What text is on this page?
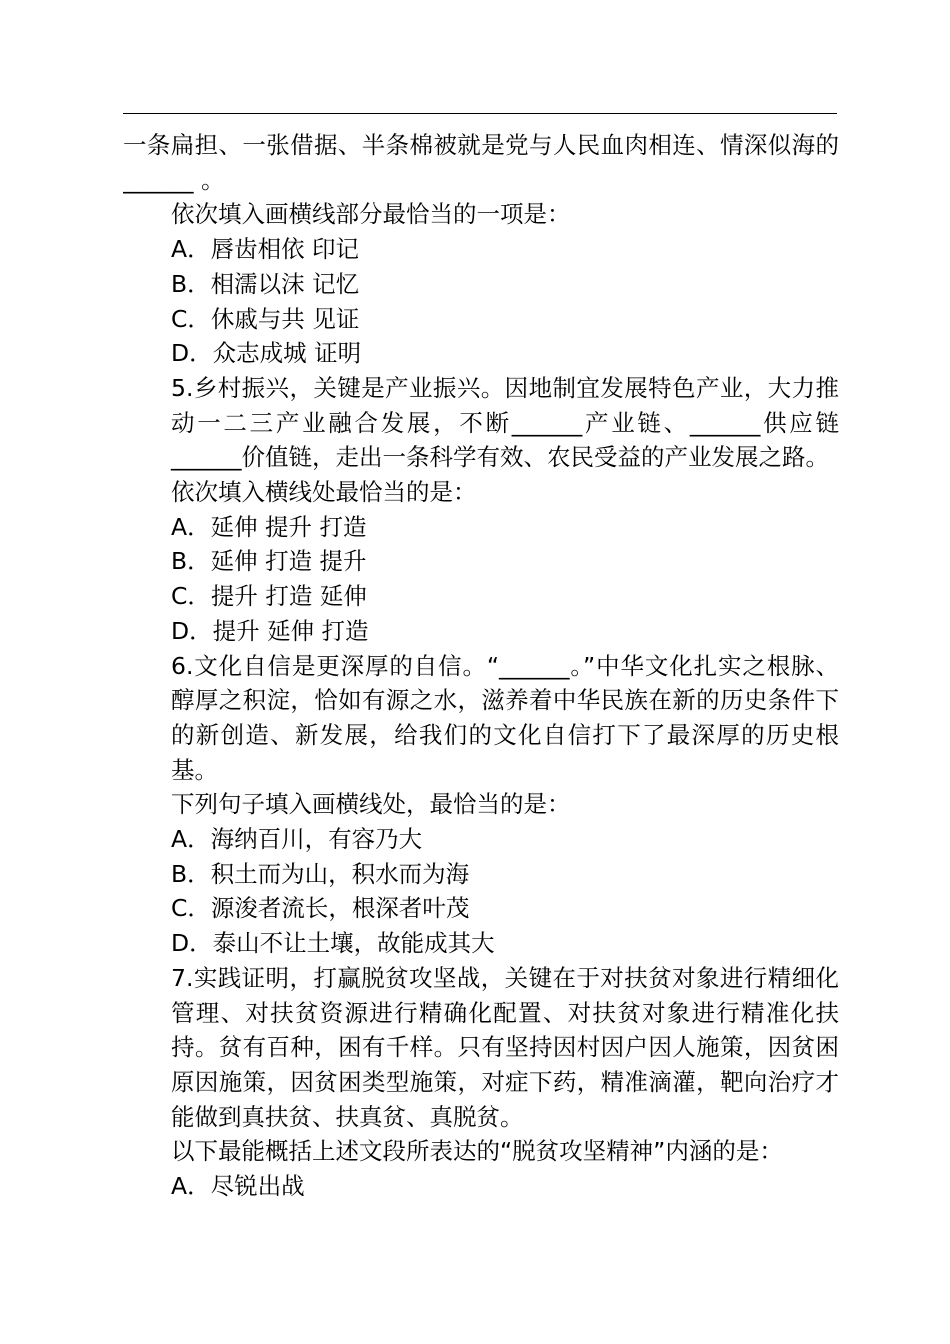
一条扁担、一张借据、半条棉被就是党与人民血肉相连、情深似海的______ 。

依次填入画横线部分最恰当的一项是：

A．唇齿相依 印记

B．相濡以沫 记忆

C．休戚与共 见证

D．众志成城 证明

5.乡村振兴，关键是产业振兴。因地制宜发展特色产业，大力推动一二三产业融合发展，不断______产业链、______供应链______价值链，走出一条科学有效、农民受益的产业发展之路。

依次填入横线处最恰当的是：

A．延伸 提升 打造

B．延伸 打造 提升

C．提升 打造 延伸

D．提升 延伸 打造

6.文化自信是更深厚的自信。“______。”中华文化扎实之根脉、醇厚之积淀，恰如有源之水，滋养着中华民族在新的历史条件下的新创造、新发展，给我们的文化自信打下了最深厚的历史根基。

下列句子填入画横线处，最恰当的是：

A．海纳百川，有容乃大

B．积土而为山，积水而为海

C．源浚者流长，根深者叶茂

D．泰山不让土壤，故能成其大

7.实践证明，打赢脱贫攻坚战，关键在于对扶贫对象进行精细化管理、对扶贫资源进行精确化配置、对扶贫对象进行精准化扶持。贫有百种，困有千样。只有坚持因村因户因人施策，因贫困原因施策，因贫困类型施策，对症下药，精准滴灌，靶向治疗才能做到真扶贫、扶真贫、真脱贫。

以下最能概括上述文段所表达的“脱贫攻坚精神”内涵的是：

A．尽锐出战
